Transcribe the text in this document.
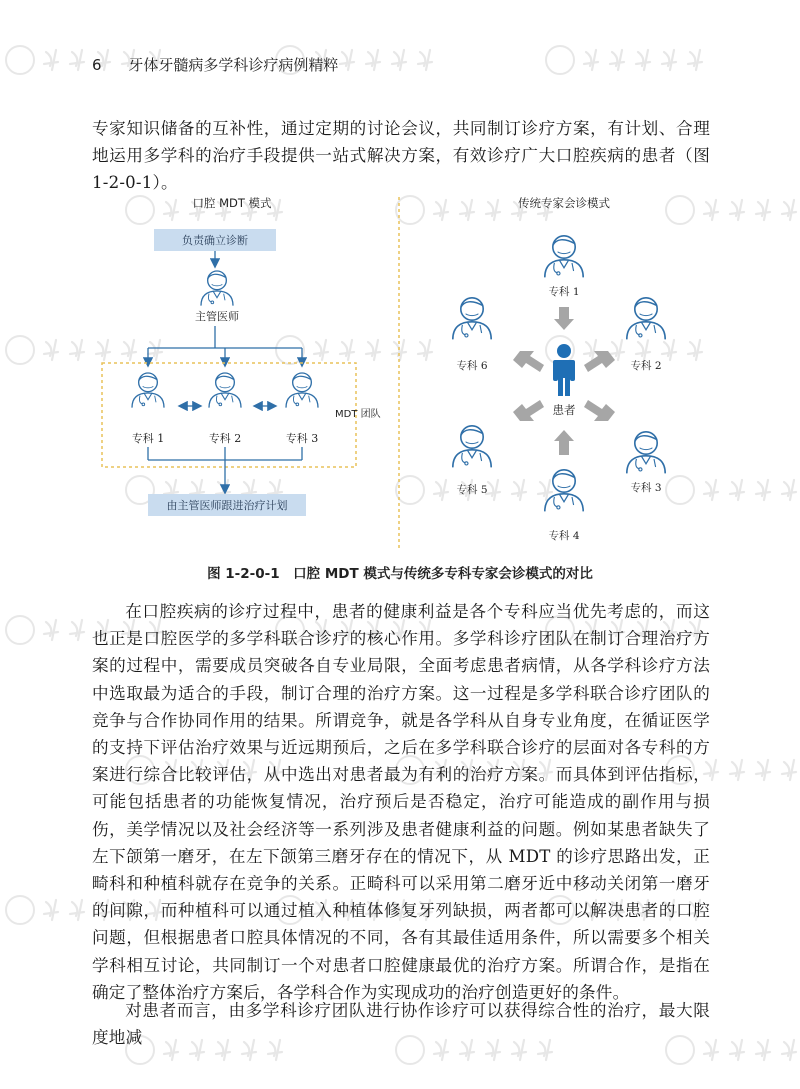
6 牙体牙髓病多学科诊疗病例精粹
专家知识储备的互补性，通过定期的讨论会议，共同制订诊疗方案，有计划、合理地运用多学科的治疗手段提供一站式解决方案，有效诊疗广大口腔疾病的患者（图 1-2-0-1）。
口腔 MDT 模式
负责确立诊断
主管医师
MDT 团队
专科 1	专科 2	专科 3
由主管医师跟进治疗计划
传统专家会诊模式
患者
专科 1
专科 2
专科 3
专科 4
专科 5
专科 6
图 1-2-0-1　口腔 MDT 模式与传统多专科专家会诊模式的对比
在口腔疾病的诊疗过程中，患者的健康利益是各个专科应当优先考虑的，而这也正是口腔医学的多学科联合诊疗的核心作用。多学科诊疗团队在制订合理治疗方案的过程中，需要成员突破各自专业局限，全面考虑患者病情，从各学科诊疗方法中选取最为适合的手段，制订合理的治疗方案。这一过程是多学科联合诊疗团队的竞争与合作协同作用的结果。所谓竞争，就是各学科从自身专业角度，在循证医学的支持下评估治疗效果与近远期预后，之后在多学科联合诊疗的层面对各专科的方案进行综合比较评估，从中选出对患者最为有利的治疗方案。而具体到评估指标，可能包括患者的功能恢复情况，治疗预后是否稳定，治疗可能造成的副作用与损伤，美学情况以及社会经济等一系列涉及患者健康利益的问题。例如某患者缺失了左下颌第一磨牙，在左下颌第三磨牙存在的情况下，从 MDT 的诊疗思路出发，正畸科和种植科就存在竞争的关系。正畸科可以采用第二磨牙近中移动关闭第一磨牙的间隙，而种植科可以通过植入种植体修复牙列缺损，两者都可以解决患者的口腔问题，但根据患者口腔具体情况的不同，各有其最佳适用条件，所以需要多个相关学科相互讨论，共同制订一个对患者口腔健康最优的治疗方案。所谓合作，是指在确定了整体治疗方案后，各学科合作为实现成功的治疗创造更好的条件。
对患者而言，由多学科诊疗团队进行协作诊疗可以获得综合性的治疗，最大限度地减
